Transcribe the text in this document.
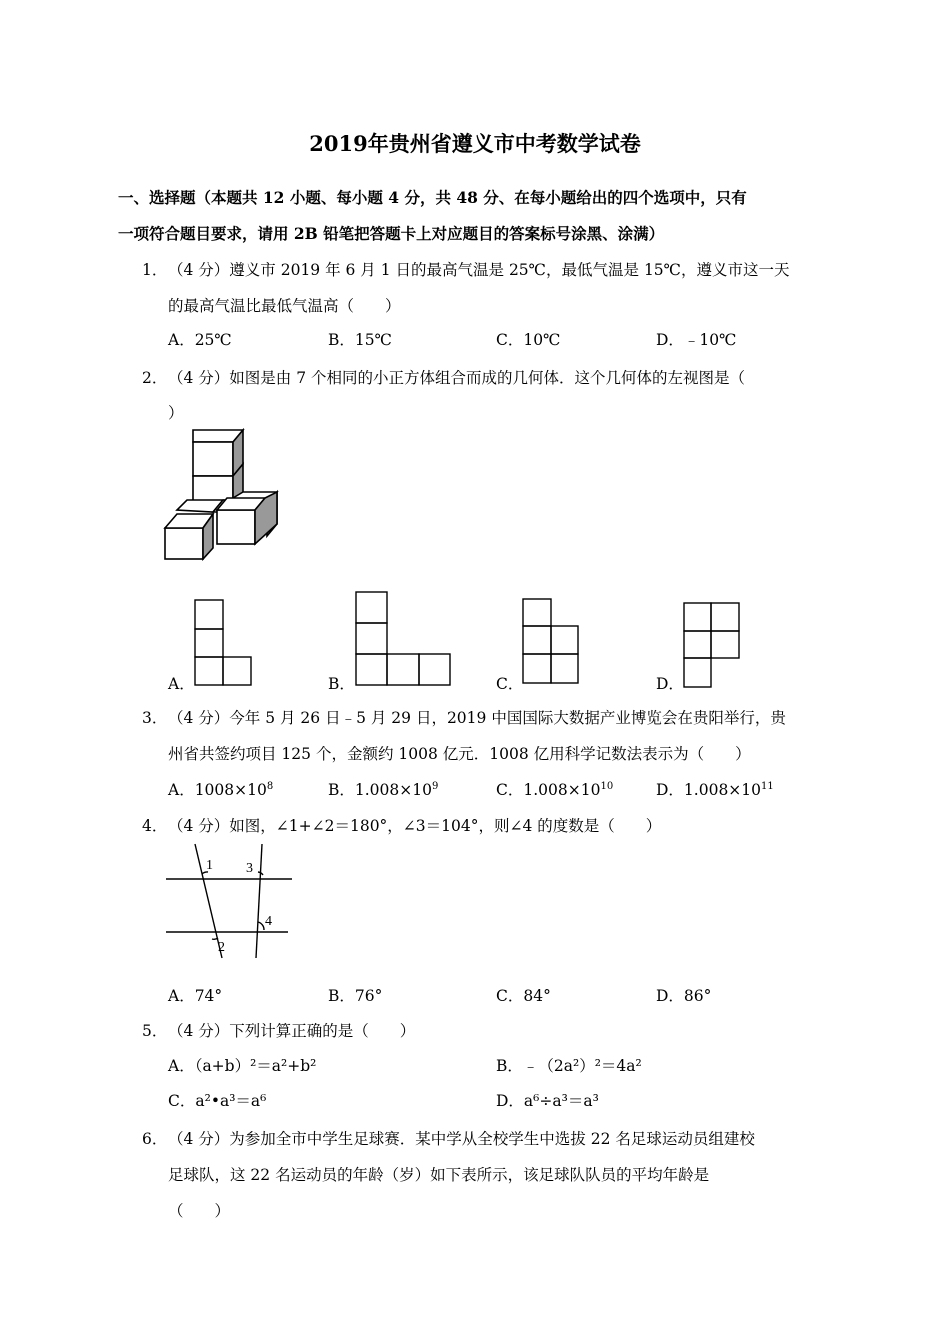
2019年贵州省遵义市中考数学试卷
一、选择题（本题共 12 小题、每小题 4 分，共 48 分、在每小题给出的四个选项中，只有
一项符合题目要求，请用 2B 铅笔把答题卡上对应题目的答案标号涂黑、涂满）
1． （4 分）遵义市 2019 年 6 月 1 日的最高气温是 25℃，最低气温是 15℃，遵义市这一天
的最高气温比最低气温高（　　）
A．25℃	B．15℃	C．10℃	D．﹣10℃
2． （4 分）如图是由 7 个相同的小正方体组合而成的几何体．这个几何体的左视图是（
）
A．	B．	C．	D．
3． （4 分）今年 5 月 26 日﹣5 月 29 日，2019 中国国际大数据产业博览会在贵阳举行，贵
州省共签约项目 125 个，金额约 1008 亿元．1008 亿用科学记数法表示为（　　）
A．$1008\times 10^8$	B．$1.008\times 10^9$	C．$1.008\times 10^{10}$	D．$1.008\times 10^{11}$
4． （4 分）如图，∠1+∠2＝180°，∠3＝104°，则∠4 的度数是（　　）
1 3
4
2
A．74°	B．76°	C．84°	D．86°
5． （4 分）下列计算正确的是（　　）
A．（a+b）²＝a²+b²	B．﹣（2a²）²＝4a²
C．a²•a³＝a⁶	D．a⁶÷a³＝a³
6． （4 分）为参加全市中学生足球赛．某中学从全校学生中选拔 22 名足球运动员组建校
足球队，这 22 名运动员的年龄（岁）如下表所示，该足球队队员的平均年龄是
（　　）
